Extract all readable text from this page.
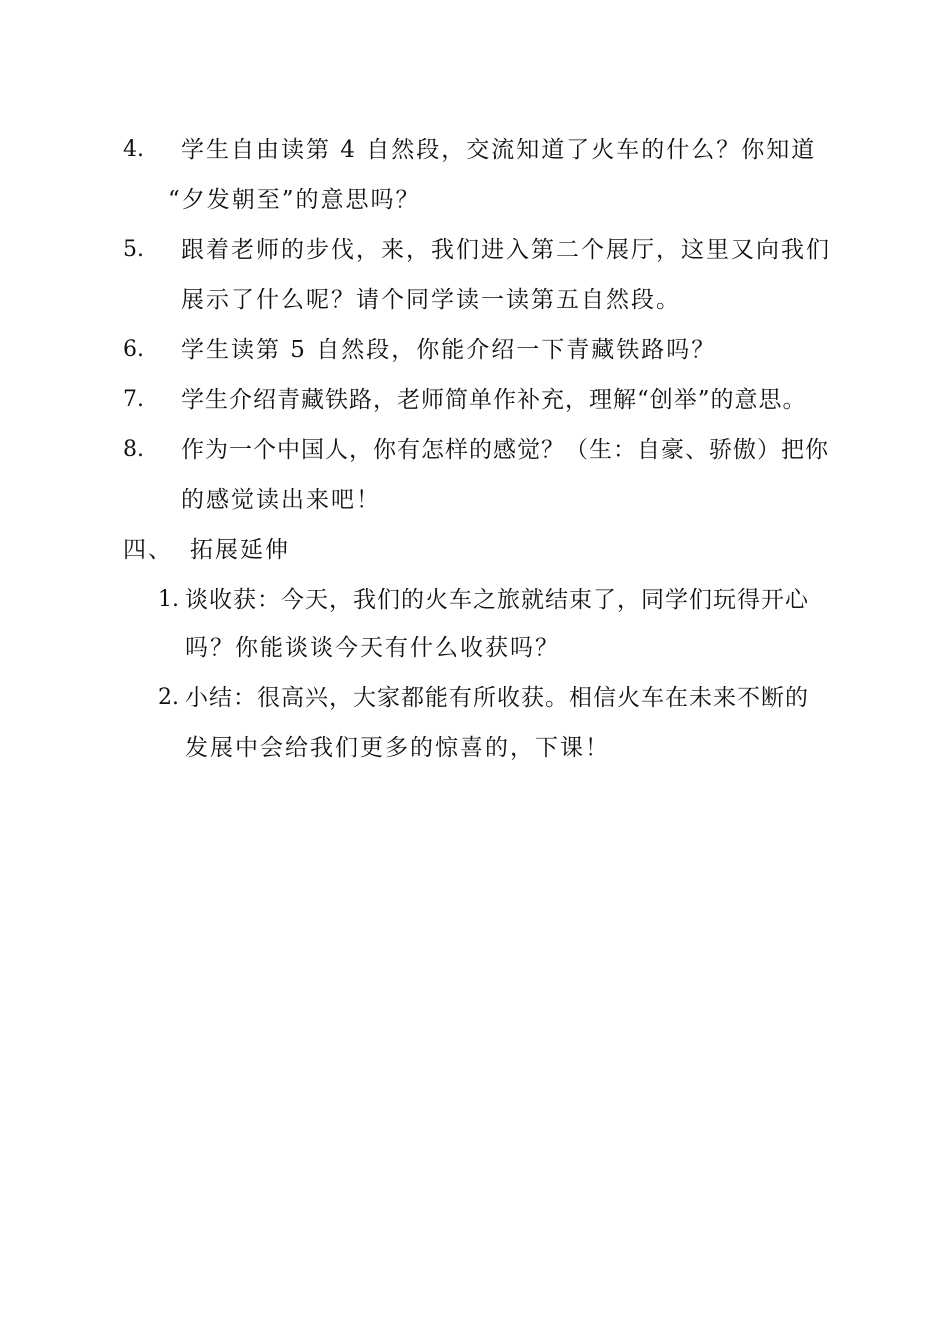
4. 学生自由读第 4 自然段，交流知道了火车的什么？你知道
“夕发朝至”的意思吗？
5. 跟着老师的步伐，来，我们进入第二个展厅，这里又向我们
展示了什么呢？请个同学读一读第五自然段。
6. 学生读第 5 自然段，你能介绍一下青藏铁路吗？
7. 学生介绍青藏铁路，老师简单作补充，理解“创举”的意思。
8. 作为一个中国人，你有怎样的感觉？（生：自豪、骄傲）把你
的感觉读出来吧！
四、 拓展延伸
1. 谈收获：今天，我们的火车之旅就结束了，同学们玩得开心
吗？你能谈谈今天有什么收获吗？
2. 小结：很高兴，大家都能有所收获。相信火车在未来不断的
发展中会给我们更多的惊喜的，下课！
